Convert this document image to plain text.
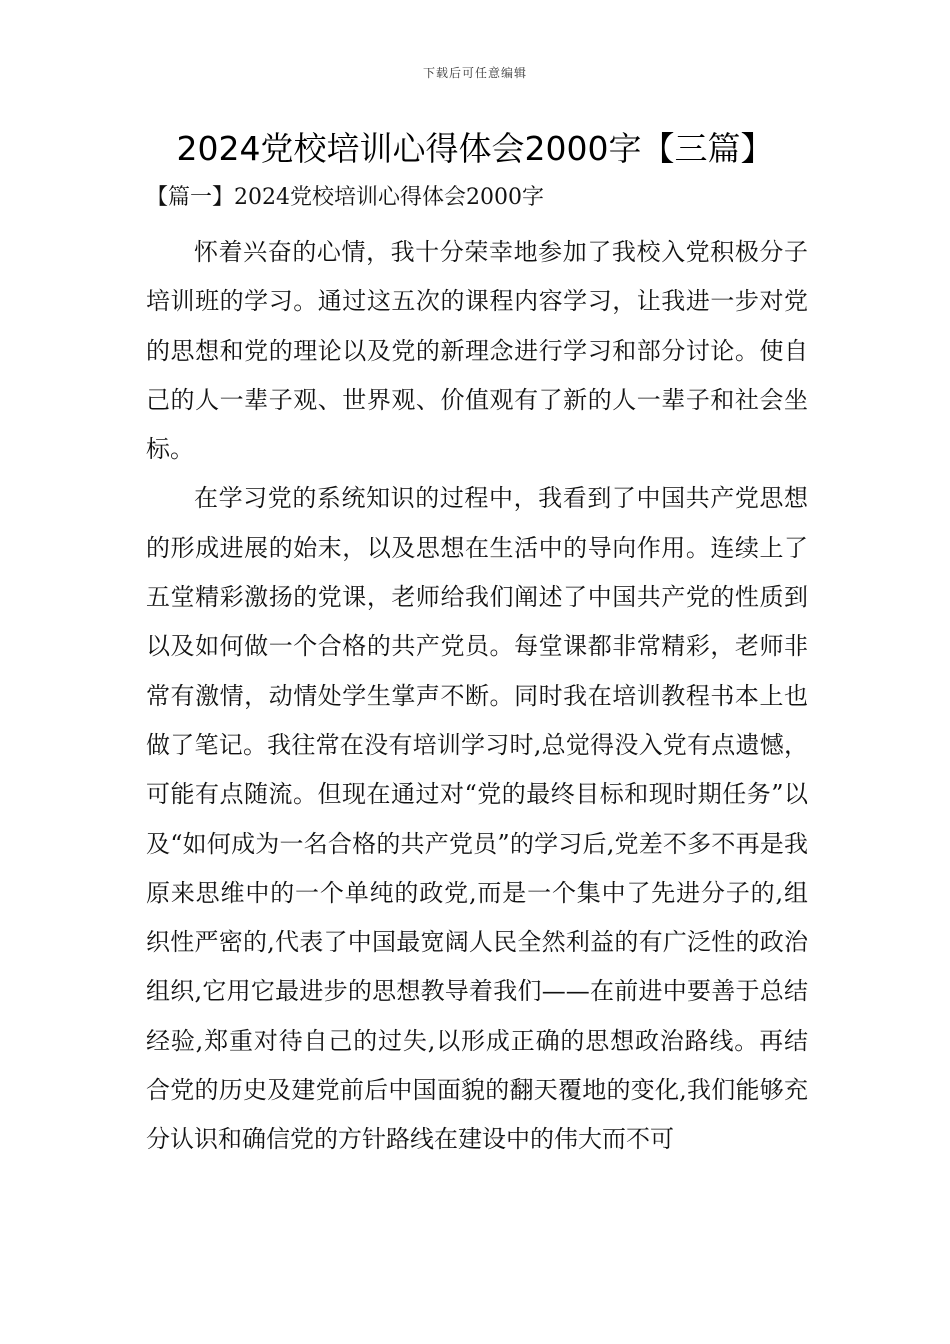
下载后可任意编辑
2024党校培训心得体会2000字【三篇】
【篇一】2024党校培训心得体会2000字

怀着兴奋的心情，我十分荣幸地参加了我校入党积极分子培训班的学习。通过这五次的课程内容学习，让我进一步对党的思想和党的理论以及党的新理念进行学习和部分讨论。使自己的人一辈子观、世界观、价值观有了新的人一辈子和社会坐标。

在学习党的系统知识的过程中，我看到了中国共产党思想的形成进展的始末，以及思想在生活中的导向作用。连续上了五堂精彩激扬的党课，老师给我们阐述了中国共产党的性质到以及如何做一个合格的共产党员。每堂课都非常精彩，老师非常有激情，动情处学生掌声不断。同时我在培训教程书本上也做了笔记。我往常在没有培训学习时,总觉得没入党有点遗憾，可能有点随流。但现在通过对“党的最终目标和现时期任务”以及“如何成为一名合格的共产党员”的学习后,党差不多不再是我原来思维中的一个单纯的政党,而是一个集中了先进分子的,组织性严密的,代表了中国最宽阔人民全然利益的有广泛性的政治组织,它用它最进步的思想教导着我们——在前进中要善于总结经验,郑重对待自己的过失,以形成正确的思想政治路线。再结合党的历史及建党前后中国面貌的翻天覆地的变化,我们能够充分认识和确信党的方针路线在建设中的伟大而不可
